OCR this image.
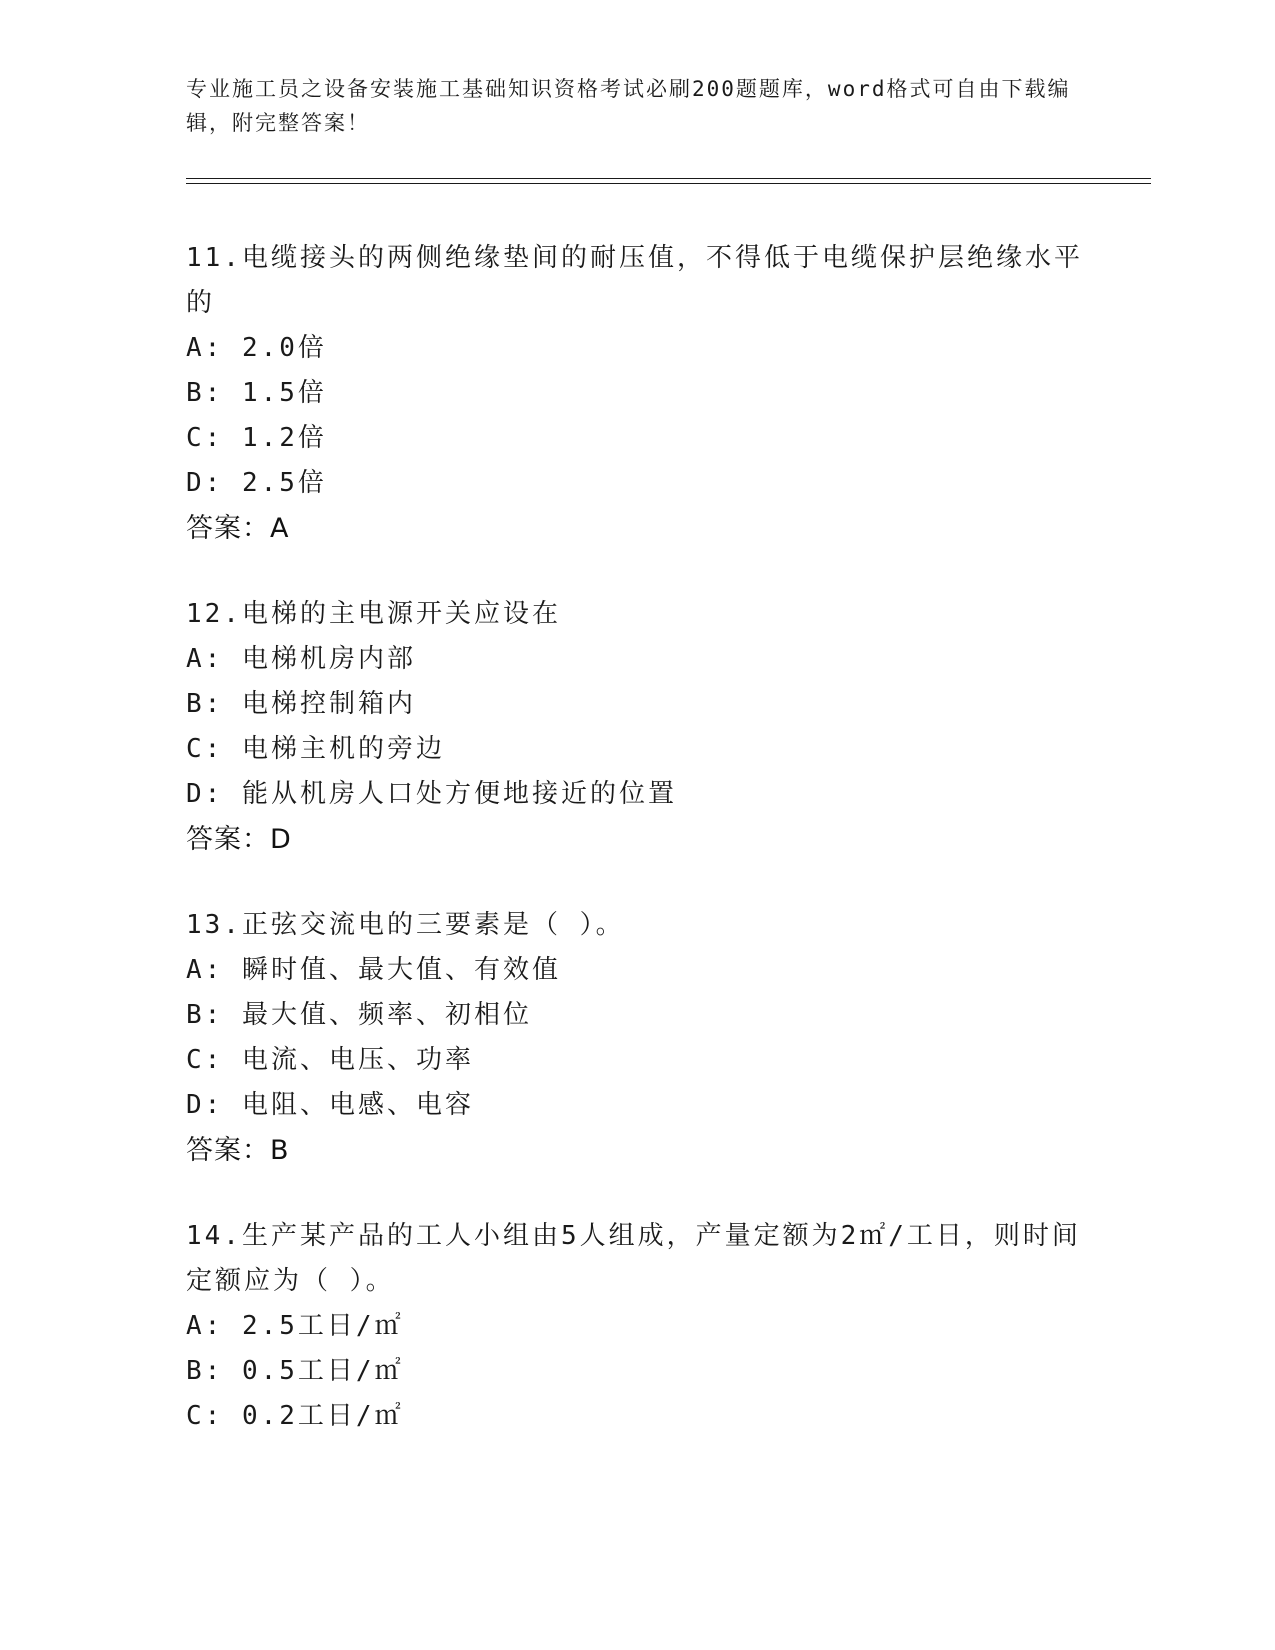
专业施工员之设备安装施工基础知识资格考试必刷200题题库，word格式可自由下载编辑，附完整答案！
11.电缆接头的两侧绝缘垫间的耐压值，不得低于电缆保护层绝缘水平的
A: 2.0倍
B: 1.5倍
C: 1.2倍
D: 2.5倍
答案：A
12.电梯的主电源开关应设在
A: 电梯机房内部
B: 电梯控制箱内
C: 电梯主机的旁边
D: 能从机房人口处方便地接近的位置
答案：D
13.正弦交流电的三要素是（ ）。
A: 瞬时值、最大值、有效值
B: 最大值、频率、初相位
C: 电流、电压、功率
D: 电阻、电感、电容
答案：B
14.生产某产品的工人小组由5人组成，产量定额为2㎡/工日，则时间定额应为（ ）。
A: 2.5工日/㎡
B: 0.5工日/㎡
C: 0.2工日/㎡
